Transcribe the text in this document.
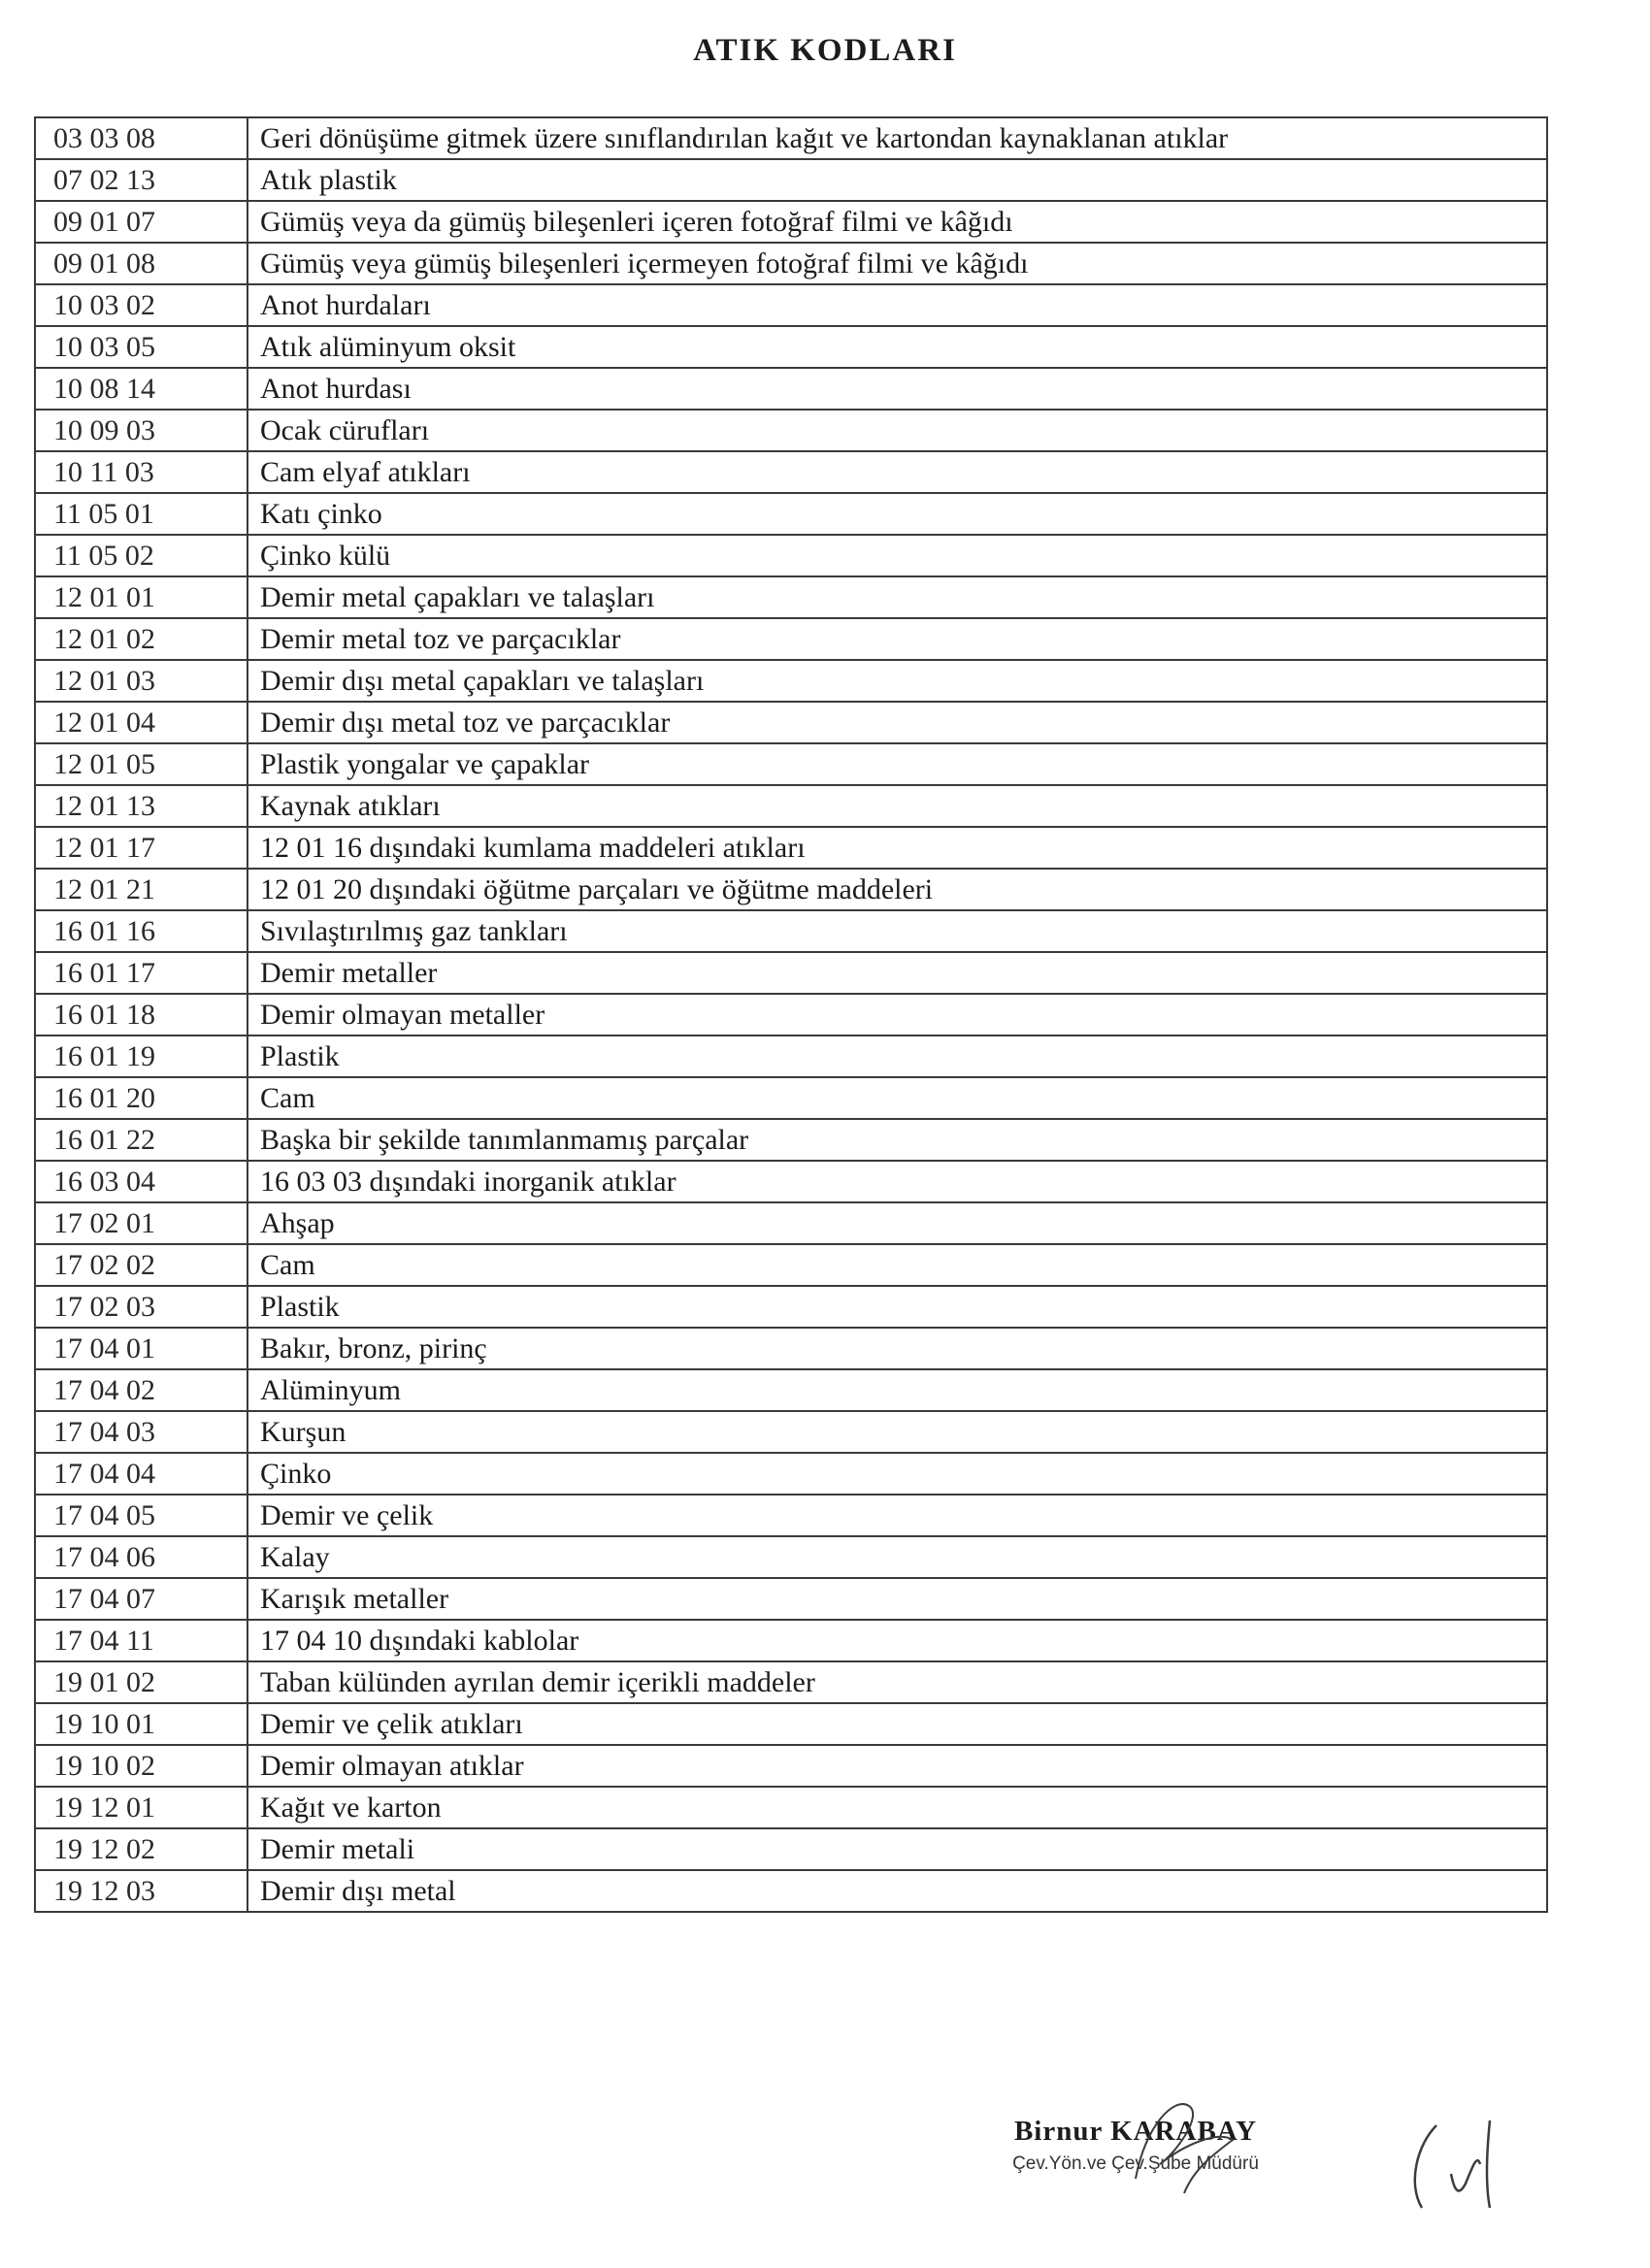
ATIK KODLARI
03 03 08	Geri dönüşüme gitmek üzere sınıflandırılan kağıt ve kartondan kaynaklanan atıklar
07 02 13	Atık plastik
09 01 07	Gümüş veya da gümüş bileşenleri içeren fotoğraf filmi ve kâğıdı
09 01 08	Gümüş veya gümüş bileşenleri içermeyen fotoğraf filmi ve kâğıdı
10 03 02	Anot hurdaları
10 03 05	Atık alüminyum oksit
10 08 14	Anot hurdası
10 09 03	Ocak cürufları
10 11 03	Cam elyaf atıkları
11 05 01	Katı çinko
11 05 02	Çinko külü
12 01 01	Demir metal çapakları ve talaşları
12 01 02	Demir metal toz ve parçacıklar
12 01 03	Demir dışı metal çapakları ve talaşları
12 01 04	Demir dışı metal toz ve parçacıklar
12 01 05	Plastik yongalar ve çapaklar
12 01 13	Kaynak atıkları
12 01 17	12 01 16 dışındaki kumlama maddeleri atıkları
12 01 21	12 01 20 dışındaki öğütme parçaları ve öğütme maddeleri
16 01 16	Sıvılaştırılmış gaz tankları
16 01 17	Demir metaller
16 01 18	Demir olmayan metaller
16 01 19	Plastik
16 01 20	Cam
16 01 22	Başka bir şekilde tanımlanmamış parçalar
16 03 04	16 03 03 dışındaki inorganik atıklar
17 02 01	Ahşap
17 02 02	Cam
17 02 03	Plastik
17 04 01	Bakır, bronz, pirinç
17 04 02	Alüminyum
17 04 03	Kurşun
17 04 04	Çinko
17 04 05	Demir ve çelik
17 04 06	Kalay
17 04 07	Karışık metaller
17 04 11	17 04 10 dışındaki kablolar
19 01 02	Taban külünden ayrılan demir içerikli maddeler
19 10 01	Demir ve çelik atıkları
19 10 02	Demir olmayan atıklar
19 12 01	Kağıt ve karton
19 12 02	Demir metali
19 12 03	Demir dışı metal
Birnur KARABAY
Çev.Yön.ve Çev.Şube Müdürü
